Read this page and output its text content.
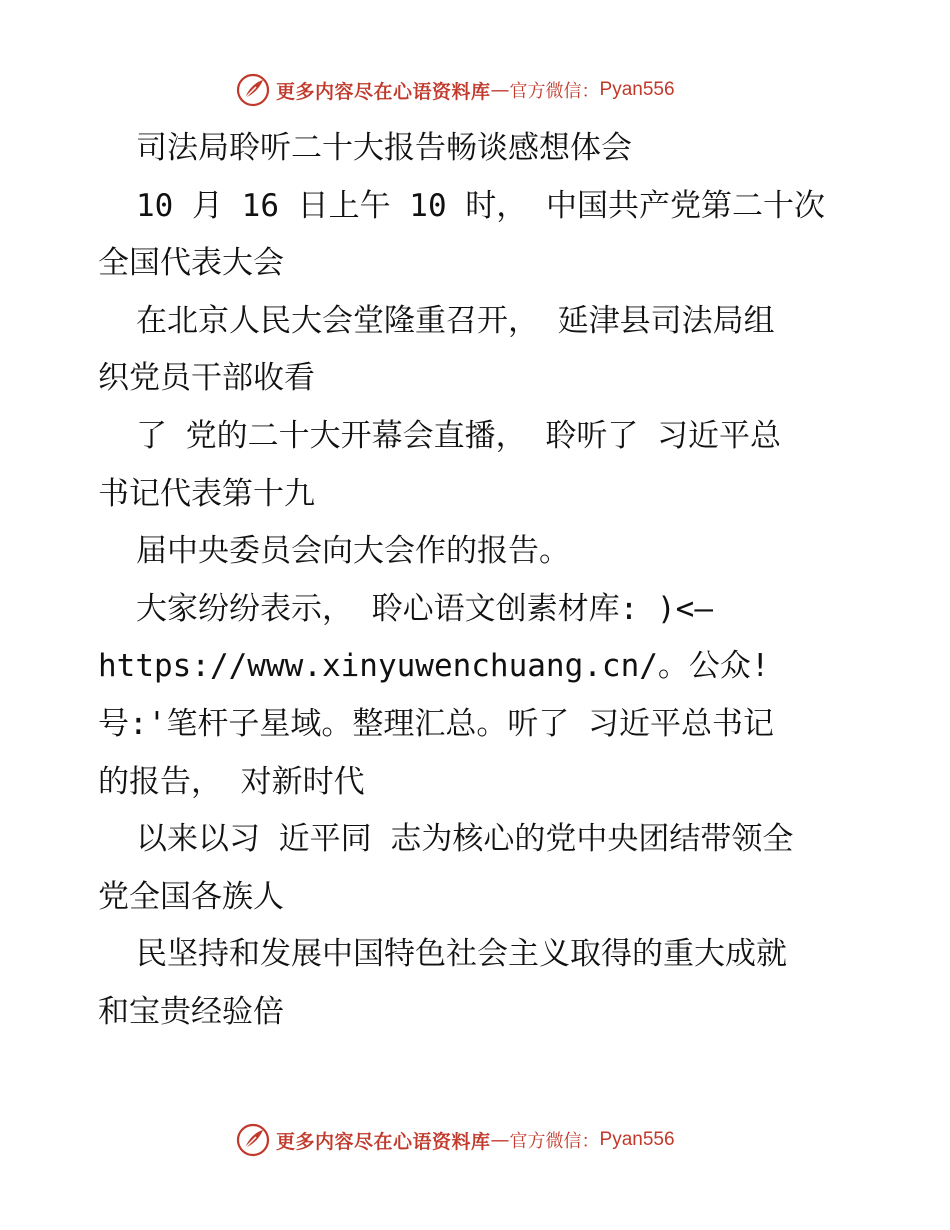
更多内容尽在心语资料库 — 官方微信： Pyan556
司法局聆听二十大报告畅谈感想体会
10 月 16 日上午 10 时， 中国共产党第二十次
全国代表大会
在北京人民大会堂隆重召开， 延津县司法局组
织党员干部收看
了 党的二十大开幕会直播， 聆听了 习近平总
书记代表第十九
届中央委员会向大会作的报告。
大家纷纷表示， 聆心语文创素材库: )<—
https://www.xinyuwenchuang.cn/。公众!
号:'笔杆子星域。整理汇总。听了 习近平总书记
的报告， 对新时代
以来以习 近平同 志为核心的党中央团结带领全
党全国各族人
民坚持和发展中国特色社会主义取得的重大成就
和宝贵经验倍
更多内容尽在心语资料库 — 官方微信： Pyan556
